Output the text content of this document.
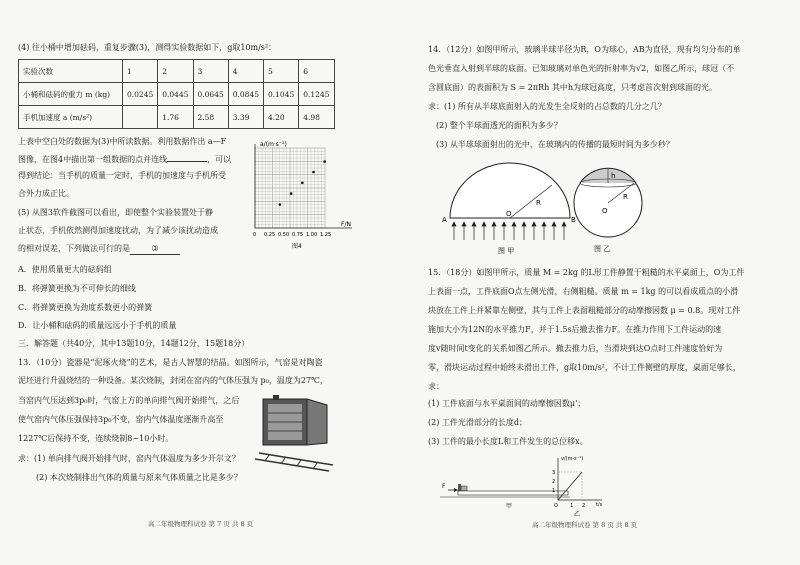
(4) 往小桶中增加砝码，重复步骤(3)，测得实验数据如下，g取10m/s²：
实验次数	1	2	3	4	5	6
小桶和砝码的重力 m (kg)	0.0245	0.0445	0.0645	0.0845	0.1045	0.1245
手机加速度 a (m/s²)		1.76	2.58	3.39	4.20	4.98
上表中空白处的数据为(3)中所读数据。利用数据作出 a—F
图像，在图4中描出第一组数据的点并连线	，可以
得到结论：当手机的质量一定时，手机的加速度与手机所受
合外力成正比。
(5) 从图3软件截图可以看出，即使整个实验装置处于静
止状态，手机依然测得加速度扰动，为了减少该扰动造成
的相对误差，下列做法可行的是	③
A．使用质量更大的砝码组
B．将弹簧更换为不可伸长的细线
C．将弹簧更换为劲度系数更小的弹簧
D．让小桶和砝码的质量远远小于手机的质量
三．解答题（共40分，其中13题10分，14题12分，15题18分）
13．（10分）瓷器是“泥琢火烧”的艺术，是古人智慧的结晶。如图所示，气窑是对陶瓷
泥坯进行升温烧结的一种设备。某次烧制，封闭在窑内的气体压强为 p₀，温度为27℃，
当窑内气压达到3p₀时，气窑上方的单向排气阀开始排气，之后
使气窑内气体压强保持3p₀不变，窑内气体温度逐渐升高至
1227℃后保持不变，连续烧制8~10小时。
求：(1) 单向排气阀开始排气时，窑内气体温度为多少开尔文？
(2) 本次烧制排出气体的质量与原来气体质量之比是多少？
a/(m·s⁻²)
F/N
0 0.25 0.50 0.75 1.00 1.25
图4
高二年级物理科试卷 第 7 页 共 8 页
14．（12分）如图甲所示，玻璃半球半径为R，O为球心，AB为直径，现有均匀分布的单
色光垂直入射到半球的底面。已知玻璃对单色光的折射率为√2，如图乙所示，球冠（不
含圆底面）的表面积为 S = 2πRh 其中h为球冠高度，只考虑首次射到球面的光。
求：(1) 所有从半球底面射入的光发生全反射的占总数的几分之几？
(2) 整个半球面透光的面积为多少？
(3) 从半球球面射出的光中，在玻璃内的传播的最短时间为多少秒？
A	B
O
R
图 甲
h
O
R
图 乙
15．（18分）如图甲所示，质量 M = 2kg 的L形工件静置于粗糙的水平桌面上，O为工件
上表面一点，工件底面O点左侧光滑，右侧粗糙。质量 m = 1kg 的可以看成质点的小滑
块放在工件上并紧靠左侧壁，其与工件上表面粗糙部分的动摩擦因数 μ = 0.8。现对工件
施加大小为12N的水平推力F，并于1.5s后撤去推力F。在推力作用下工件运动的速
度v随时间t变化的关系如图乙所示。撤去推力后，当滑块到达O点时工件速度恰好为
零，滑块运动过程中始终未滑出工件，g取10m/s²，不计工件侧壁的厚度，桌面足够长，
求：
(1) 工件底面与水平桌面间的动摩擦因数μ'；
(2) 工件光滑部分的长度d；
(3) 工件的最小长度L和工件发生的总位移x。
F
甲
v/(m·s⁻¹)
t/s
3
2
1
O 1 2
乙
高二年级物理科试卷 第 8 页 共 8 页
